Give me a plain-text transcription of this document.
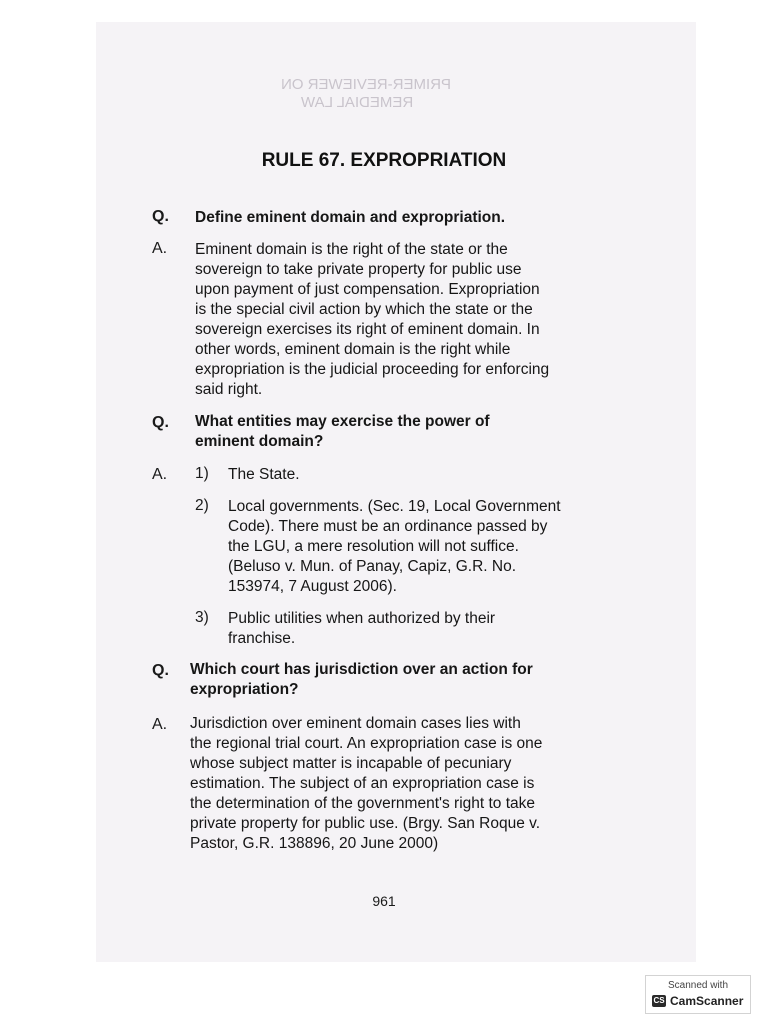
PRIMER-REVIEWER ON
REMEDIAL LAW
RULE 67. EXPROPRIATION
Q. Define eminent domain and expropriation.
A. Eminent domain is the right of the state or the
sovereign to take private property for public use
upon payment of just compensation. Expropriation
is the special civil action by which the state or the
sovereign exercises its right of eminent domain. In
other words, eminent domain is the right while
expropriation is the judicial proceeding for enforcing
said right.
Q. What entities may exercise the power of
eminent domain?
A. 1) The State.
2) Local governments. (Sec. 19, Local Government
Code). There must be an ordinance passed by
the LGU, a mere resolution will not suffice.
(Beluso v. Mun. of Panay, Capiz, G.R. No.
153974, 7 August 2006).
3) Public utilities when authorized by their
franchise.
Q. Which court has jurisdiction over an action for
expropriation?
A. Jurisdiction over eminent domain cases lies with
the regional trial court. An expropriation case is one
whose subject matter is incapable of pecuniary
estimation. The subject of an expropriation case is
the determination of the government's right to take
private property for public use. (Brgy. San Roque v.
Pastor, G.R. 138896, 20 June 2000)
961
Scanned with
CS CamScanner
